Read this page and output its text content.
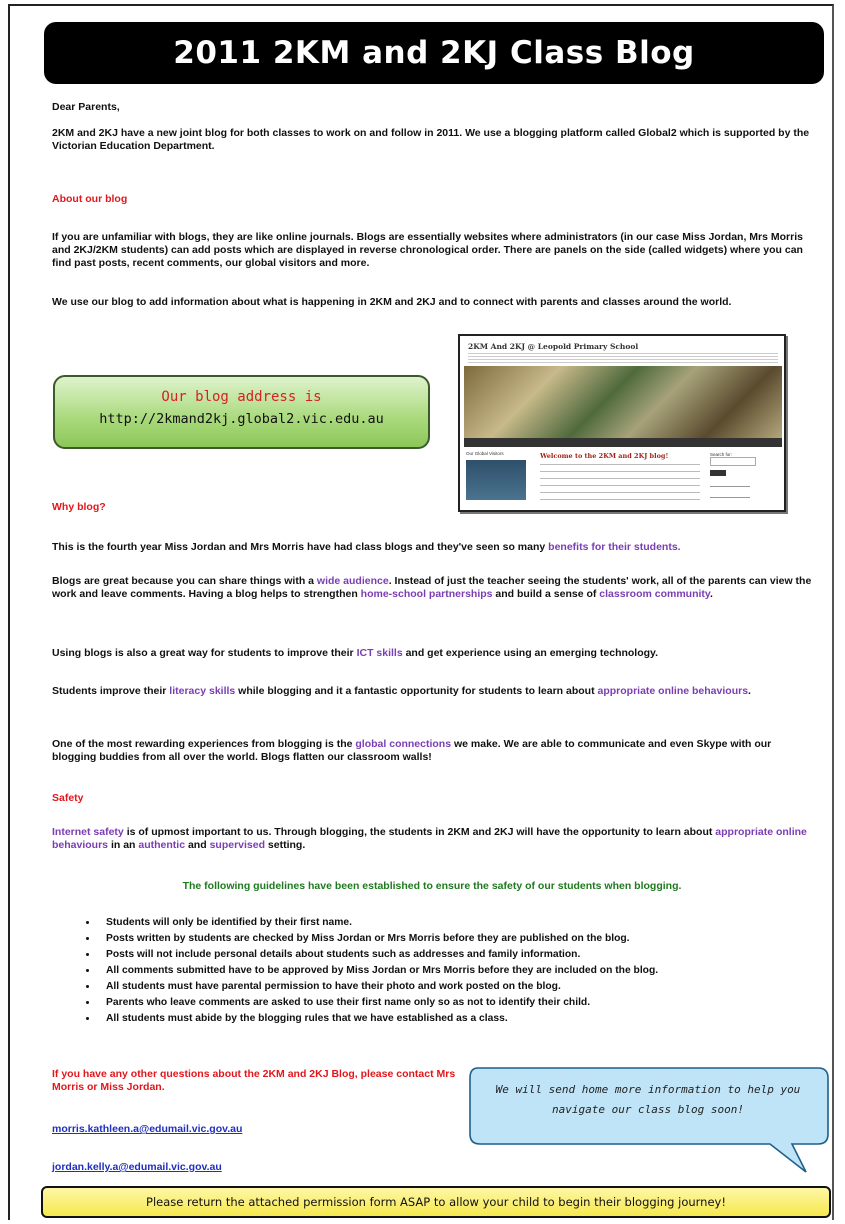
2011 2KM and 2KJ Class Blog
Dear Parents,
2KM and 2KJ have a new joint blog for both classes to work on and follow in 2011. We use a blogging platform called Global2 which is supported by the Victorian Education Department.
About our blog
If you are unfamiliar with blogs, they are like online journals. Blogs are essentially websites where administrators (in our case Miss Jordan, Mrs Morris and 2KJ/2KM students) can add posts which are displayed in reverse chronological order. There are panels on the side (called widgets) where you can find past posts, recent comments, our global visitors and more.
We use our blog to add information about what is happening in 2KM and 2KJ and to connect with parents and classes around the world.
Our blog address is
http://2kmand2kj.global2.vic.edu.au
2KM And 2KJ @ Leopold Primary School
Our Global Visitors	Welcome to the 2KM and 2KJ blog!	Search for:
Why blog?
This is the fourth year Miss Jordan and Mrs Morris have had class blogs and they've seen so many benefits for their students.
Blogs are great because you can share things with a wide audience. Instead of just the teacher seeing the students' work, all of the parents can view the work and leave comments. Having a blog helps to strengthen home-school partnerships and build a sense of classroom community.
Using blogs is also a great way for students to improve their ICT skills and get experience using an emerging technology.
Students improve their literacy skills while blogging and it a fantastic opportunity for students to learn about appropriate online behaviours.
One of the most rewarding experiences from blogging is the global connections we make. We are able to communicate and even Skype with our blogging buddies from all over the world. Blogs flatten our classroom walls!
Safety
Internet safety is of upmost important to us. Through blogging, the students in 2KM and 2KJ will have the opportunity to learn about appropriate online behaviours in an authentic and supervised setting.
The following guidelines have been established to ensure the safety of our students when blogging.
• Students will only be identified by their first name.
• Posts written by students are checked by Miss Jordan or Mrs Morris before they are published on the blog.
• Posts will not include personal details about students such as addresses and family information.
• All comments submitted have to be approved by Miss Jordan or Mrs Morris before they are included on the blog.
• All students must have parental permission to have their photo and work posted on the blog.
• Parents who leave comments are asked to use their first name only so as not to identify their child.
• All students must abide by the blogging rules that we have established as a class.
If you have any other questions about the 2KM and 2KJ Blog, please contact Mrs Morris or Miss Jordan.
morris.kathleen.a@edumail.vic.gov.au
jordan.kelly.a@edumail.vic.gov.au
We will send home more information to help you navigate our class blog soon!
Please return the attached permission form ASAP to allow your child to begin their blogging journey!
